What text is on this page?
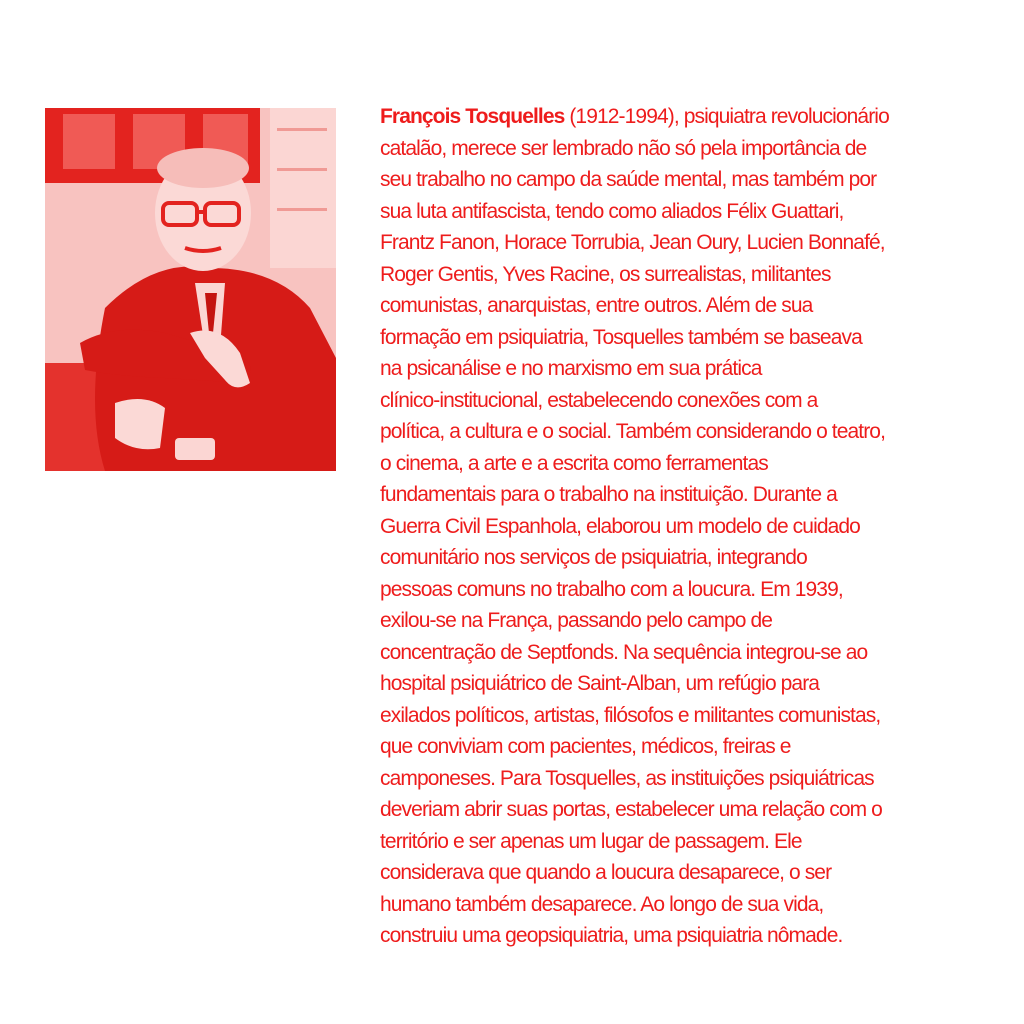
François Tosquelles (1912-1994), psiquiatra revolucionário
catalão, merece ser lembrado não só pela importância de
seu trabalho no campo da saúde mental, mas também por
sua luta antifascista, tendo como aliados Félix Guattari,
Frantz Fanon, Horace Torrubia, Jean Oury, Lucien Bonnafé,
Roger Gentis, Yves Racine, os surrealistas, militantes
comunistas, anarquistas, entre outros. Além de sua
formação em psiquiatria, Tosquelles também se baseava
na psicanálise e no marxismo em sua prática
clínico-institucional, estabelecendo conexões com a
política, a cultura e o social. Também considerando o teatro,
o cinema, a arte e a escrita como ferramentas
fundamentais para o trabalho na instituição. Durante a
Guerra Civil Espanhola, elaborou um modelo de cuidado
comunitário nos serviços de psiquiatria, integrando
pessoas comuns no trabalho com a loucura. Em 1939,
exilou-se na França, passando pelo campo de
concentração de Septfonds. Na sequência integrou-se ao
hospital psiquiátrico de Saint-Alban, um refúgio para
exilados políticos, artistas, filósofos e militantes comunistas,
que conviviam com pacientes, médicos, freiras e
camponeses. Para Tosquelles, as instituições psiquiátricas
deveriam abrir suas portas, estabelecer uma relação com o
território e ser apenas um lugar de passagem. Ele
considerava que quando a loucura desaparece, o ser
humano também desaparece. Ao longo de sua vida,
construiu uma geopsiquiatria, uma psiquiatria nômade.
